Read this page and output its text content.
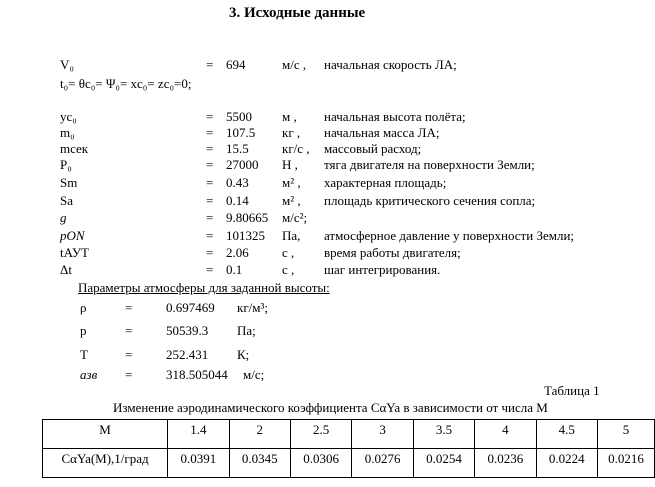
3. Исходные данные
V₀	= 694	м/с , начальная скорость ЛА;
yc₀	= 5500 м , начальная высота полёта;
m₀	= 107.5 кг , начальная масса ЛА;
mсек	= 15.5	кг/с , массовый расход;
P₀	= 27000 Н , тяга двигателя на поверхности Земли;
Sm	= 0.43	м² , характерная площадь;
Sa	= 0.14	м² , площадь критического сечения сопла;
g	= 9.80665 м/с²;
pON	= 101325 Па, атмосферное давление у поверхности Земли;
tАУТ	= 2.06	с , время работы двигателя;
Δt	= 0.1	с , шаг интегрирования.
t₀= θc₀= Ψ₀= xc₀= zc₀=0;
Параметры атмосферы для заданной высоты:
ρ	=	0.697469 кг/м³;
p	=	50539.3 Па;
T	=	252.431 К;
aзв =	318.505044 м/с;
Таблица 1
Изменение аэродинамического коэффициента CαYa в зависимости от числа М
М	1.4	2	2.5	3	3.5	4	4.5	5
CαYa(M),1/град	0.0391	0.0345	0.0306	0.0276	0.0254	0.0236	0.0224	0.0216
